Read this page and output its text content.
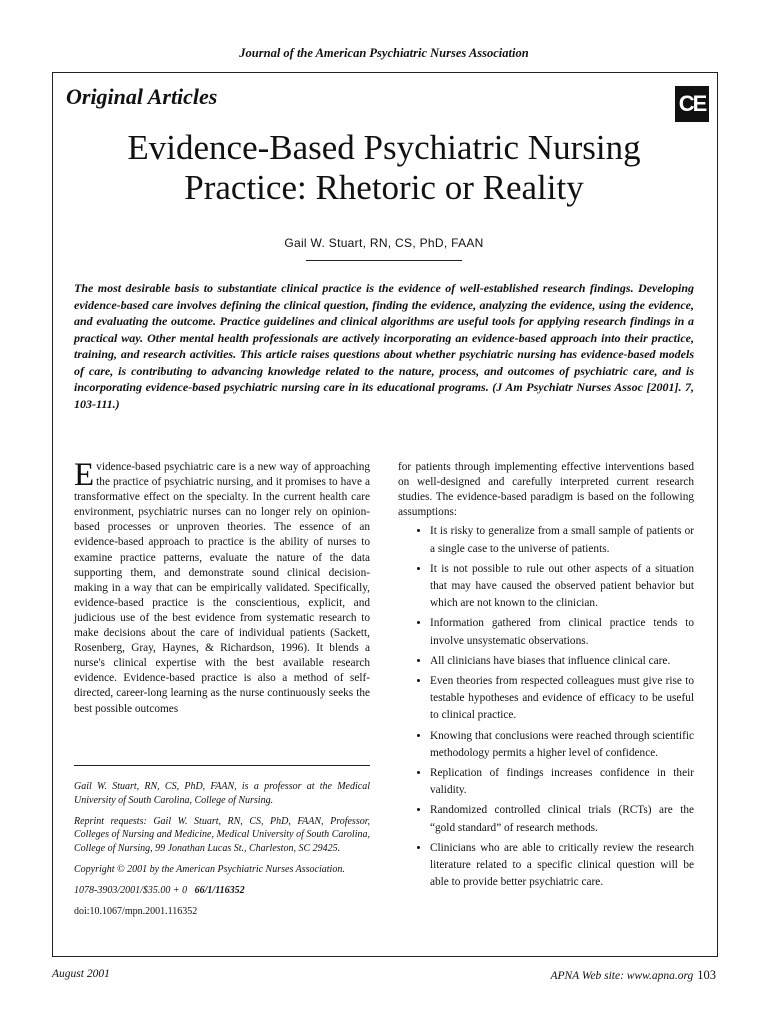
Journal of the American Psychiatric Nurses Association
Original Articles	CE
Evidence-Based Psychiatric Nursing
Practice: Rhetoric or Reality
Gail W. Stuart, RN, CS, PhD, FAAN
The most desirable basis to substantiate clinical practice is the evidence of well-established research findings. Developing evidence-based care involves defining the clinical question, finding the evidence, analyzing the evidence, using the evidence, and evaluating the outcome. Practice guidelines and clinical algorithms are useful tools for applying research findings in a practical way. Other mental health professionals are actively incorporating an evidence-based approach into their practice, training, and research activities. This article raises questions about whether psychiatric nursing has evidence-based models of care, is contributing to advancing knowledge related to the nature, process, and outcomes of psychiatric care, and is incorporating evidence-based psychiatric nursing care in its educational programs. (J Am Psychiatr Nurses Assoc [2001]. 7, 103-111.)
Evidence-based psychiatric care is a new way of approaching the practice of psychiatric nursing, and it promises to have a transformative effect on the specialty. In the current health care environment, psychiatric nurses can no longer rely on opinion-based processes or unproven theories. The essence of an evidence-based approach to practice is the ability of nurses to examine practice patterns, evaluate the nature of the data supporting them, and demonstrate sound clinical decision-making in a way that can be empirically validated. Specifically, evidence-based practice is the conscientious, explicit, and judicious use of the best evidence from systematic research to make decisions about the care of individual patients (Sackett, Rosenberg, Gray, Haynes, & Richardson, 1996). It blends a nurse's clinical expertise with the best available research evidence. Evidence-based practice is also a method of self-directed, career-long learning as the nurse continuously seeks the best possible outcomes

Gail W. Stuart, RN, CS, PhD, FAAN, is a professor at the Medical University of South Carolina, College of Nursing.

Reprint requests: Gail W. Stuart, RN, CS, PhD, FAAN, Professor, Colleges of Nursing and Medicine, Medical University of South Carolina, College of Nursing, 99 Jonathan Lucas St., Charleston, SC 29425.

Copyright © 2001 by the American Psychiatric Nurses Association.

1078-3903/2001/$35.00 + 0 66/1/116352

doi:10.1067/mpn.2001.116352

for patients through implementing effective interventions based on well-designed and carefully interpreted current research studies. The evidence-based paradigm is based on the following assumptions:

• It is risky to generalize from a small sample of patients or a single case to the universe of patients.
• It is not possible to rule out other aspects of a situation that may have caused the observed patient behavior but which are not known to the clinician.
• Information gathered from clinical practice tends to involve unsystematic observations.
• All clinicians have biases that influence clinical care.
• Even theories from respected colleagues must give rise to testable hypotheses and evidence of efficacy to be useful to clinical practice.
• Knowing that conclusions were reached through scientific methodology permits a higher level of confidence.
• Replication of findings increases confidence in their validity.
• Randomized controlled clinical trials (RCTs) are the “gold standard” of research methods.
• Clinicians who are able to critically review the research literature related to a specific clinical question will be able to provide better psychiatric care.
August 2001	APNA Web site: www.apna.org 103
